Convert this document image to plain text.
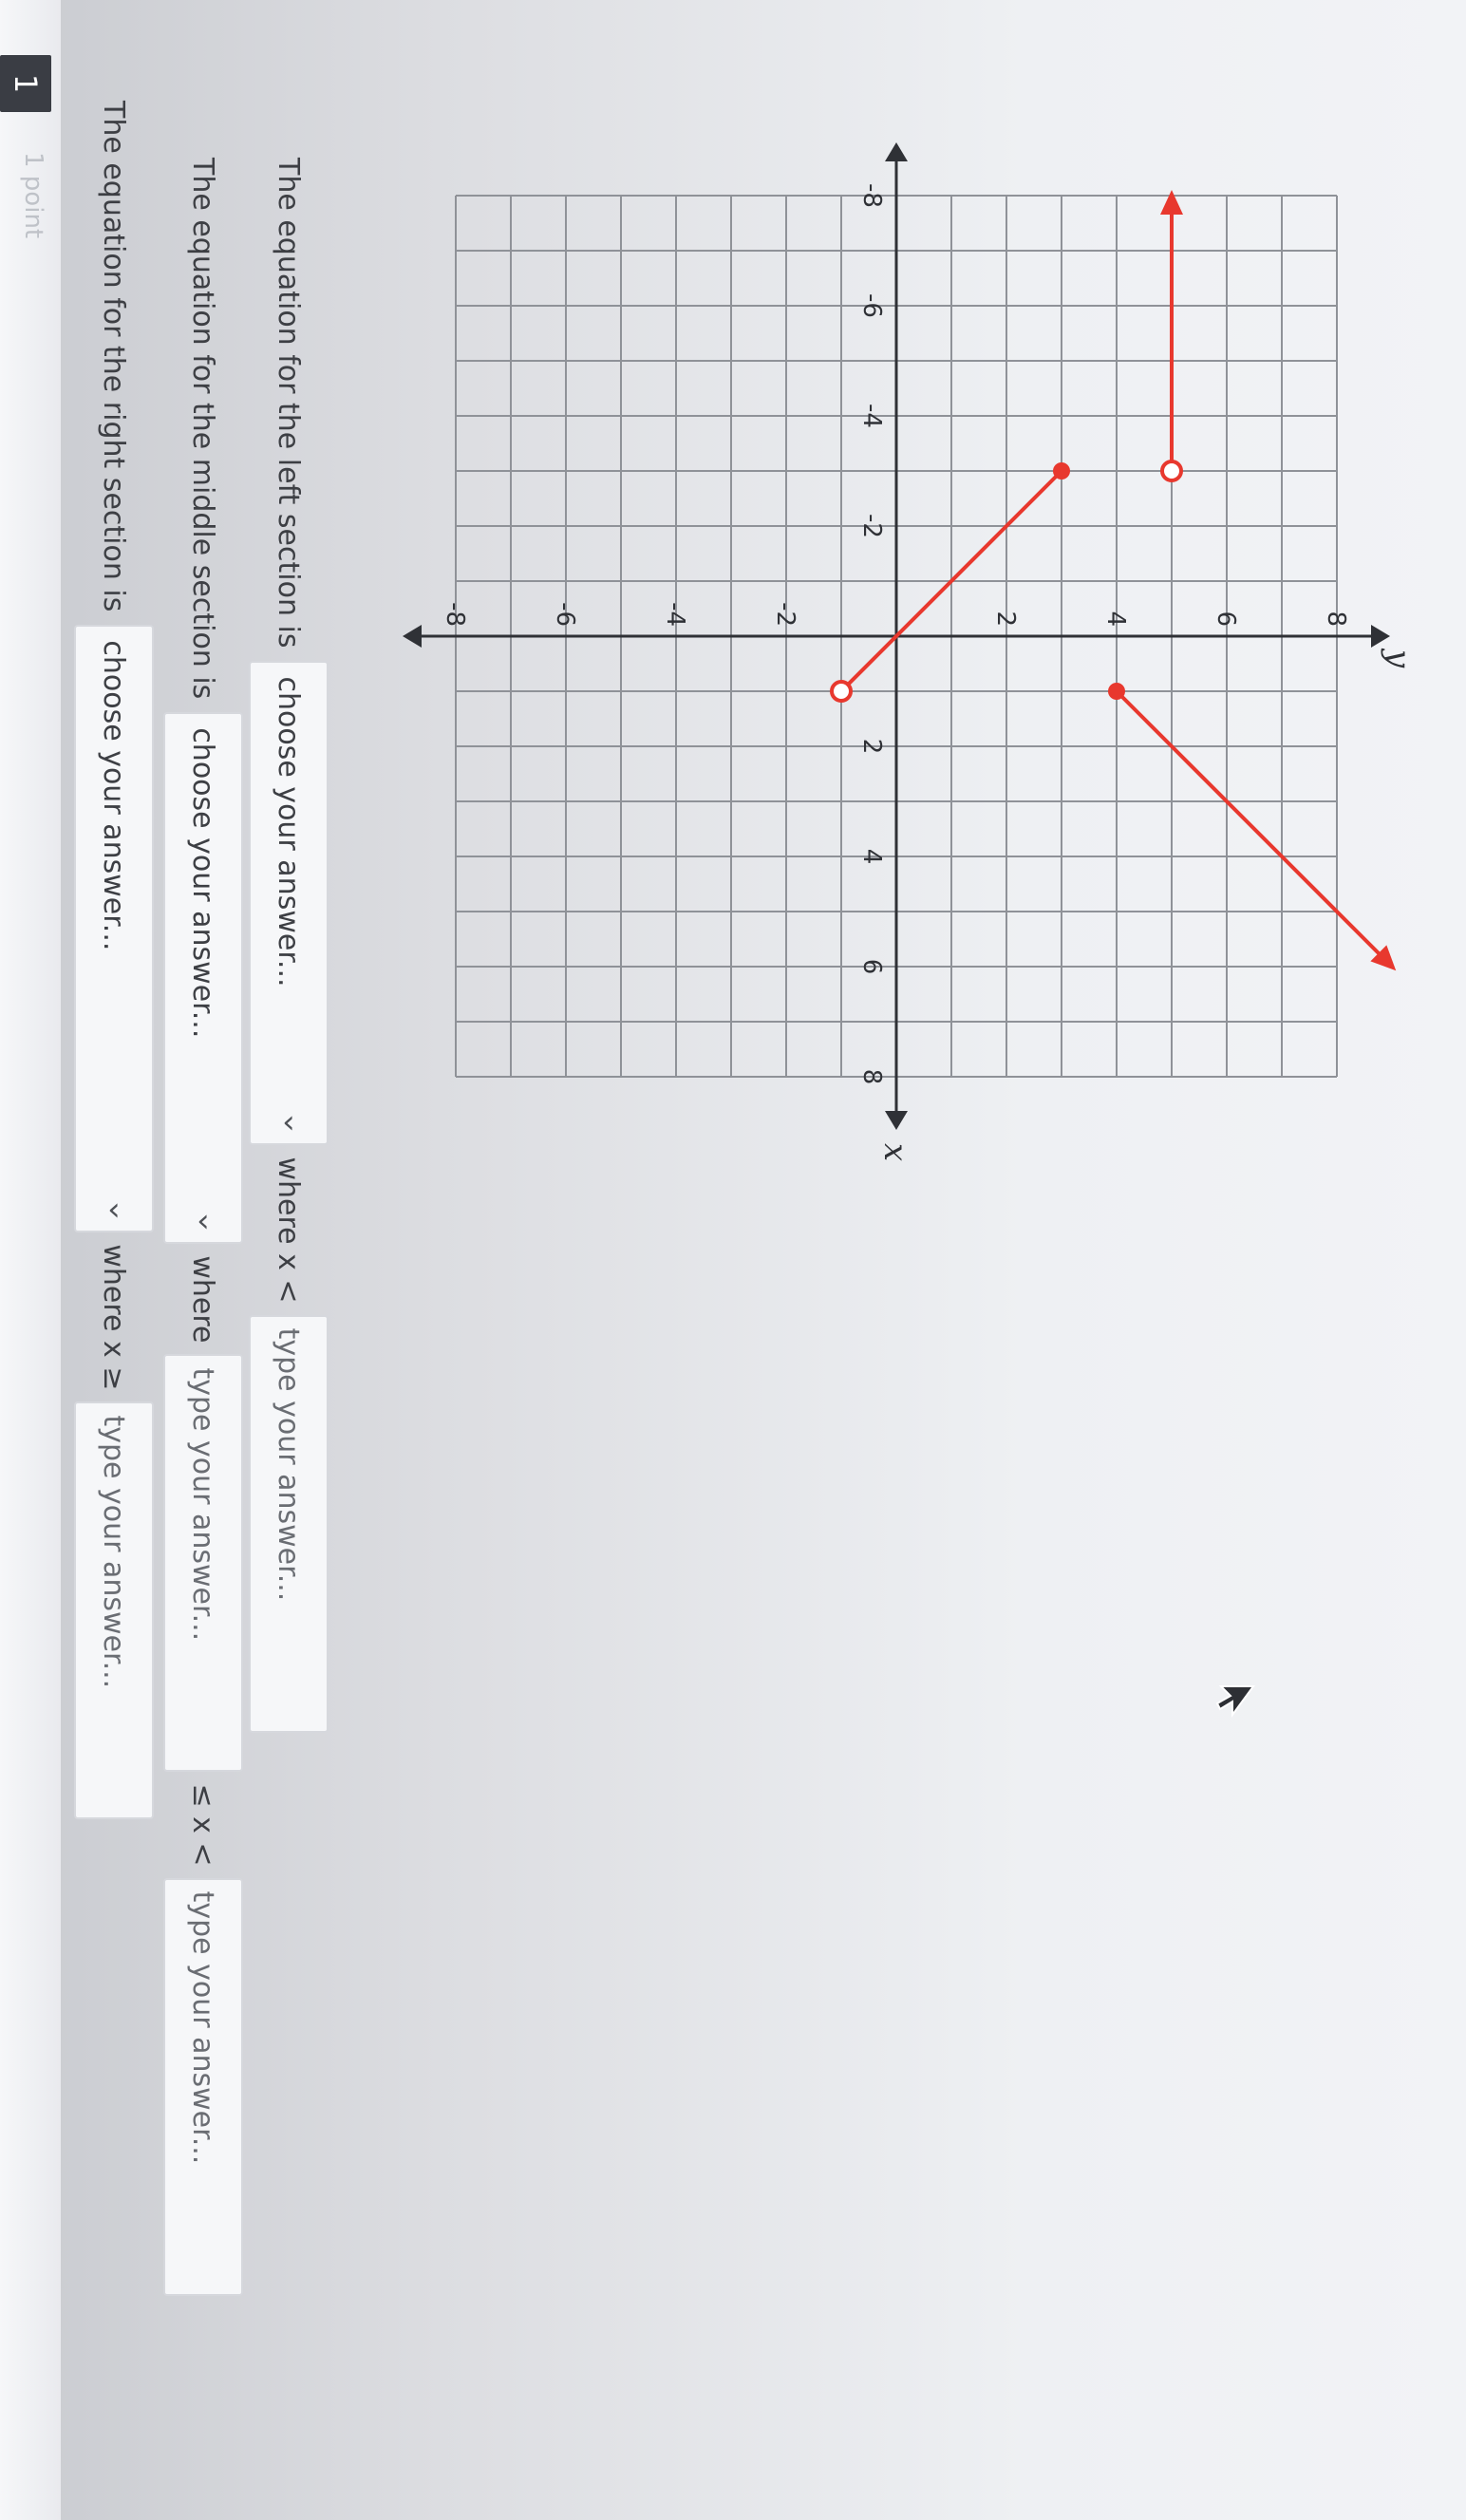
1
1 point
x
y
-8
-6
-4
-2
2
4
6
8
-8	-6	-4	-2	2	4	6	8
The equation for the left section is
choose your answer...
›
where x <
type your answer...
The equation for the middle section is
choose your answer...
›
where
type your answer...
≤ x <
type your answer...
The equation for the right section is
choose your answer...
›
where x ≥
type your answer...
